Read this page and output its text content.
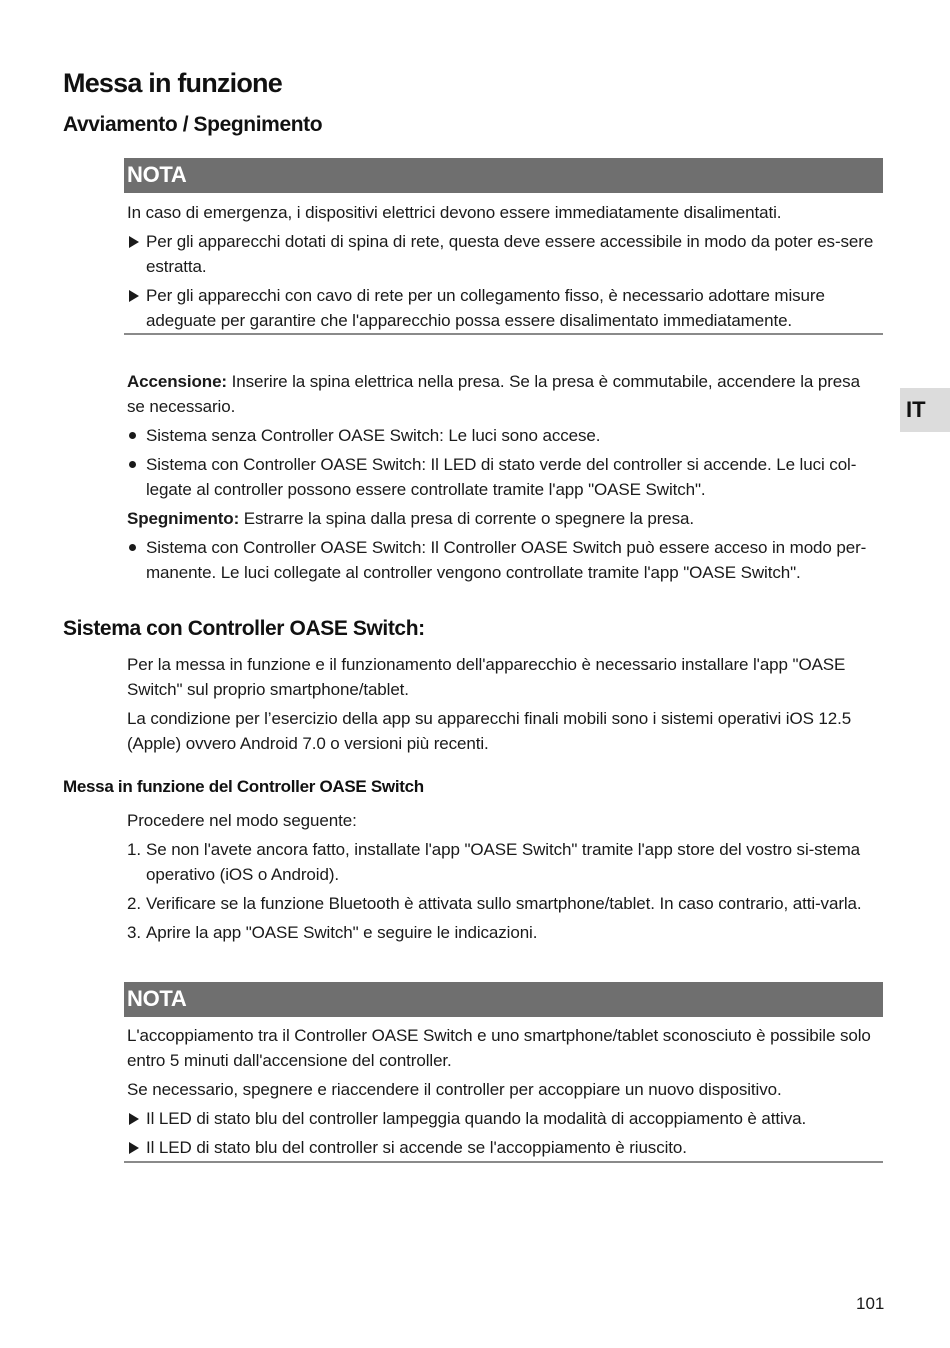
Messa in funzione
Avviamento / Spegnimento
NOTA

In caso di emergenza, i dispositivi elettrici devono essere immediatamente disalimentati.

Per gli apparecchi dotati di spina di rete, questa deve essere accessibile in modo da poter es-sere estratta.
Per gli apparecchi con cavo di rete per un collegamento fisso, è necessario adottare misure adeguate per garantire che l'apparecchio possa essere disalimentato immediatamente.

Accensione: Inserire la spina elettrica nella presa. Se la presa è commutabile, accendere la presa se necessario.

Sistema senza Controller OASE Switch: Le luci sono accese.
Sistema con Controller OASE Switch: Il LED di stato verde del controller si accende. Le luci col-legate al controller possono essere controllate tramite l'app "OASE Switch".

Spegnimento: Estrarre la spina dalla presa di corrente o spegnere la presa.

Sistema con Controller OASE Switch: Il Controller OASE Switch può essere acceso in modo per-manente. Le luci collegate al controller vengono controllate tramite l'app "OASE Switch".
Sistema con Controller OASE Switch:

Per la messa in funzione e il funzionamento dell'apparecchio è necessario installare l'app "OASE Switch" sul proprio smartphone/tablet.

La condizione per l’esercizio della app su apparecchi finali mobili sono i sistemi operativi iOS 12.5 (Apple) ovvero Android 7.0 o versioni più recenti.

Messa in funzione del Controller OASE Switch

Procedere nel modo seguente:

1. Se non l'avete ancora fatto, installate l'app "OASE Switch" tramite l'app store del vostro si-stema operativo (iOS o Android).
2. Verificare se la funzione Bluetooth è attivata sullo smartphone/tablet. In caso contrario, atti-varla.
3. Aprire la app "OASE Switch" e seguire le indicazioni.
NOTA

L'accoppiamento tra il Controller OASE Switch e uno smartphone/tablet sconosciuto è possibile solo entro 5 minuti dall'accensione del controller.

Se necessario, spegnere e riaccendere il controller per accoppiare un nuovo dispositivo.

Il LED di stato blu del controller lampeggia quando la modalità di accoppiamento è attiva.
Il LED di stato blu del controller si accende se l'accoppiamento è riuscito.
IT
101
